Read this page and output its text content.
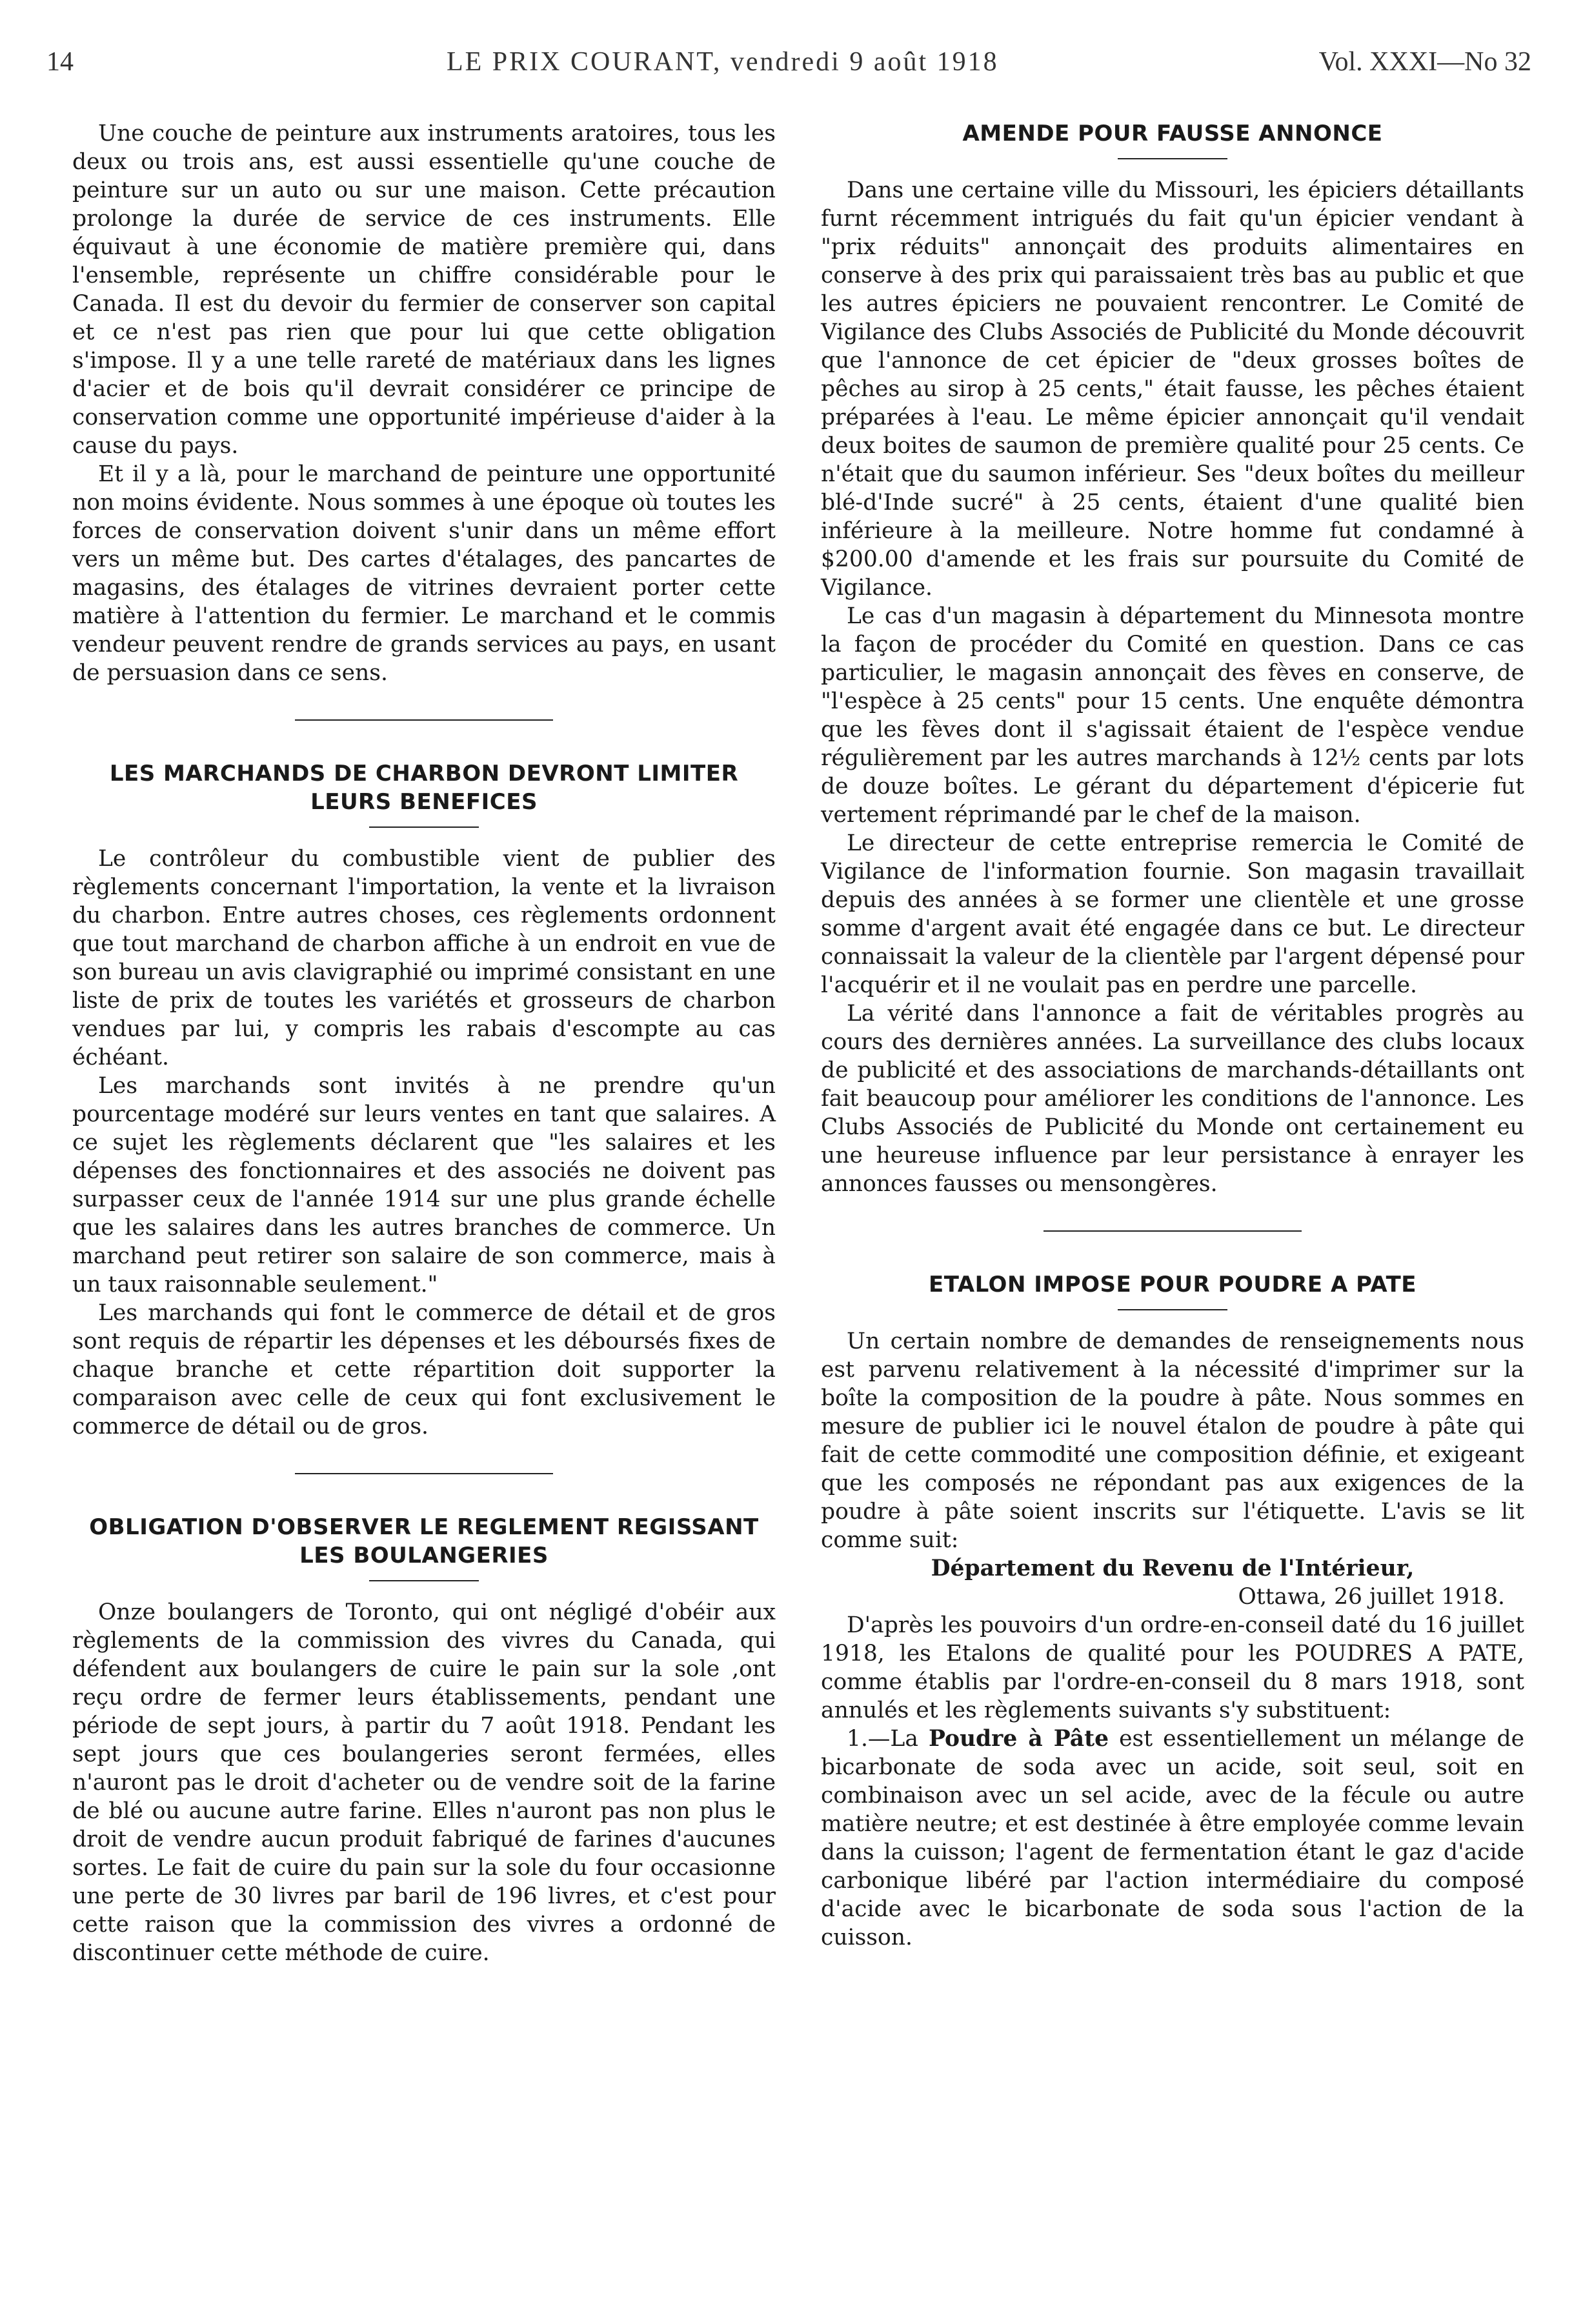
14	LE PRIX COURANT, vendredi 9 août 1918	Vol. XXXI—No 32

Une couche de peinture aux instruments aratoires, tous les deux ou trois ans, est aussi essentielle qu'une couche de peinture sur un auto ou sur une maison. Cette précaution prolonge la durée de service de ces instruments. Elle équivaut à une économie de matière première qui, dans l'ensemble, représente un chiffre considérable pour le Canada. Il est du devoir du fermier de conserver son capital et ce n'est pas rien que pour lui que cette obligation s'impose. Il y a une telle rareté de matériaux dans les lignes d'acier et de bois qu'il devrait considérer ce principe de conservation comme une opportunité impérieuse d'aider à la cause du pays.

Et il y a là, pour le marchand de peinture une opportunité non moins évidente. Nous sommes à une époque où toutes les forces de conservation doivent s'unir dans un même effort vers un même but. Des cartes d'étalages, des pancartes de magasins, des étalages de vitrines devraient porter cette matière à l'attention du fermier. Le marchand et le commis vendeur peuvent rendre de grands services au pays, en usant de persuasion dans ce sens.

LES MARCHANDS DE CHARBON DEVRONT LIMITER LEURS BENEFICES

Le contrôleur du combustible vient de publier des règlements concernant l'importation, la vente et la livraison du charbon. Entre autres choses, ces règlements ordonnent que tout marchand de charbon affiche à un endroit en vue de son bureau un avis clavigraphié ou imprimé consistant en une liste de prix de toutes les variétés et grosseurs de charbon vendues par lui, y compris les rabais d'escompte au cas échéant.

Les marchands sont invités à ne prendre qu'un pourcentage modéré sur leurs ventes en tant que salaires. A ce sujet les règlements déclarent que "les salaires et les dépenses des fonctionnaires et des associés ne doivent pas surpasser ceux de l'année 1914 sur une plus grande échelle que les salaires dans les autres branches de commerce. Un marchand peut retirer son salaire de son commerce, mais à un taux raisonnable seulement."

Les marchands qui font le commerce de détail et de gros sont requis de répartir les dépenses et les déboursés fixes de chaque branche et cette répartition doit supporter la comparaison avec celle de ceux qui font exclusivement le commerce de détail ou de gros.

OBLIGATION D'OBSERVER LE REGLEMENT REGISSANT LES BOULANGERIES

Onze boulangers de Toronto, qui ont négligé d'obéir aux règlements de la commission des vivres du Canada, qui défendent aux boulangers de cuire le pain sur la sole ,ont reçu ordre de fermer leurs établissements, pendant une période de sept jours, à partir du 7 août 1918. Pendant les sept jours que ces boulangeries seront fermées, elles n'auront pas le droit d'acheter ou de vendre soit de la farine de blé ou aucune autre farine. Elles n'auront pas non plus le droit de vendre aucun produit fabriqué de farines d'aucunes sortes. Le fait de cuire du pain sur la sole du four occasionne une perte de 30 livres par baril de 196 livres, et c'est pour cette raison que la commission des vivres a ordonné de discontinuer cette méthode de cuire.

AMENDE POUR FAUSSE ANNONCE

Dans une certaine ville du Missouri, les épiciers détaillants furnt récemment intrigués du fait qu'un épicier vendant à "prix réduits" annonçait des produits alimentaires en conserve à des prix qui paraissaient très bas au public et que les autres épiciers ne pouvaient rencontrer. Le Comité de Vigilance des Clubs Associés de Publicité du Monde découvrit que l'annonce de cet épicier de "deux grosses boîtes de pêches au sirop à 25 cents," était fausse, les pêches étaient préparées à l'eau. Le même épicier annonçait qu'il vendait deux boites de saumon de première qualité pour 25 cents. Ce n'était que du saumon inférieur. Ses "deux boîtes du meilleur blé-d'Inde sucré" à 25 cents, étaient d'une qualité bien inférieure à la meilleure. Notre homme fut condamné à $200.00 d'amende et les frais sur poursuite du Comité de Vigilance.

Le cas d'un magasin à département du Minnesota montre la façon de procéder du Comité en question. Dans ce cas particulier, le magasin annonçait des fèves en conserve, de "l'espèce à 25 cents" pour 15 cents. Une enquête démontra que les fèves dont il s'agissait étaient de l'espèce vendue régulièrement par les autres marchands à 12½ cents par lots de douze boîtes. Le gérant du département d'épicerie fut vertement réprimandé par le chef de la maison.

Le directeur de cette entreprise remercia le Comité de Vigilance de l'information fournie. Son magasin travaillait depuis des années à se former une clientèle et une grosse somme d'argent avait été engagée dans ce but. Le directeur connaissait la valeur de la clientèle par l'argent dépensé pour l'acquérir et il ne voulait pas en perdre une parcelle.

La vérité dans l'annonce a fait de véritables progrès au cours des dernières années. La surveillance des clubs locaux de publicité et des associations de marchands-détaillants ont fait beaucoup pour améliorer les conditions de l'annonce. Les Clubs Associés de Publicité du Monde ont certainement eu une heureuse influence par leur persistance à enrayer les annonces fausses ou mensongères.

ETALON IMPOSE POUR POUDRE A PATE

Un certain nombre de demandes de renseignements nous est parvenu relativement à la nécessité d'imprimer sur la boîte la composition de la poudre à pâte. Nous sommes en mesure de publier ici le nouvel étalon de poudre à pâte qui fait de cette commodité une composition définie, et exigeant que les composés ne répondant pas aux exigences de la poudre à pâte soient inscrits sur l'étiquette. L'avis se lit comme suit:

Département du Revenu de l'Intérieur,

Ottawa, 26 juillet 1918.

D'après les pouvoirs d'un ordre-en-conseil daté du 16 juillet 1918, les Etalons de qualité pour les POUDRES A PATE, comme établis par l'ordre-en-conseil du 8 mars 1918, sont annulés et les règlements suivants s'y substituent:

1.—La Poudre à Pâte est essentiellement un mélange de bicarbonate de soda avec un acide, soit seul, soit en combinaison avec un sel acide, avec de la fécule ou autre matière neutre; et est destinée à être employée comme levain dans la cuisson; l'agent de fermentation étant le gaz d'acide carbonique libéré par l'action intermédiaire du composé d'acide avec le bicarbonate de soda sous l'action de la cuisson.
